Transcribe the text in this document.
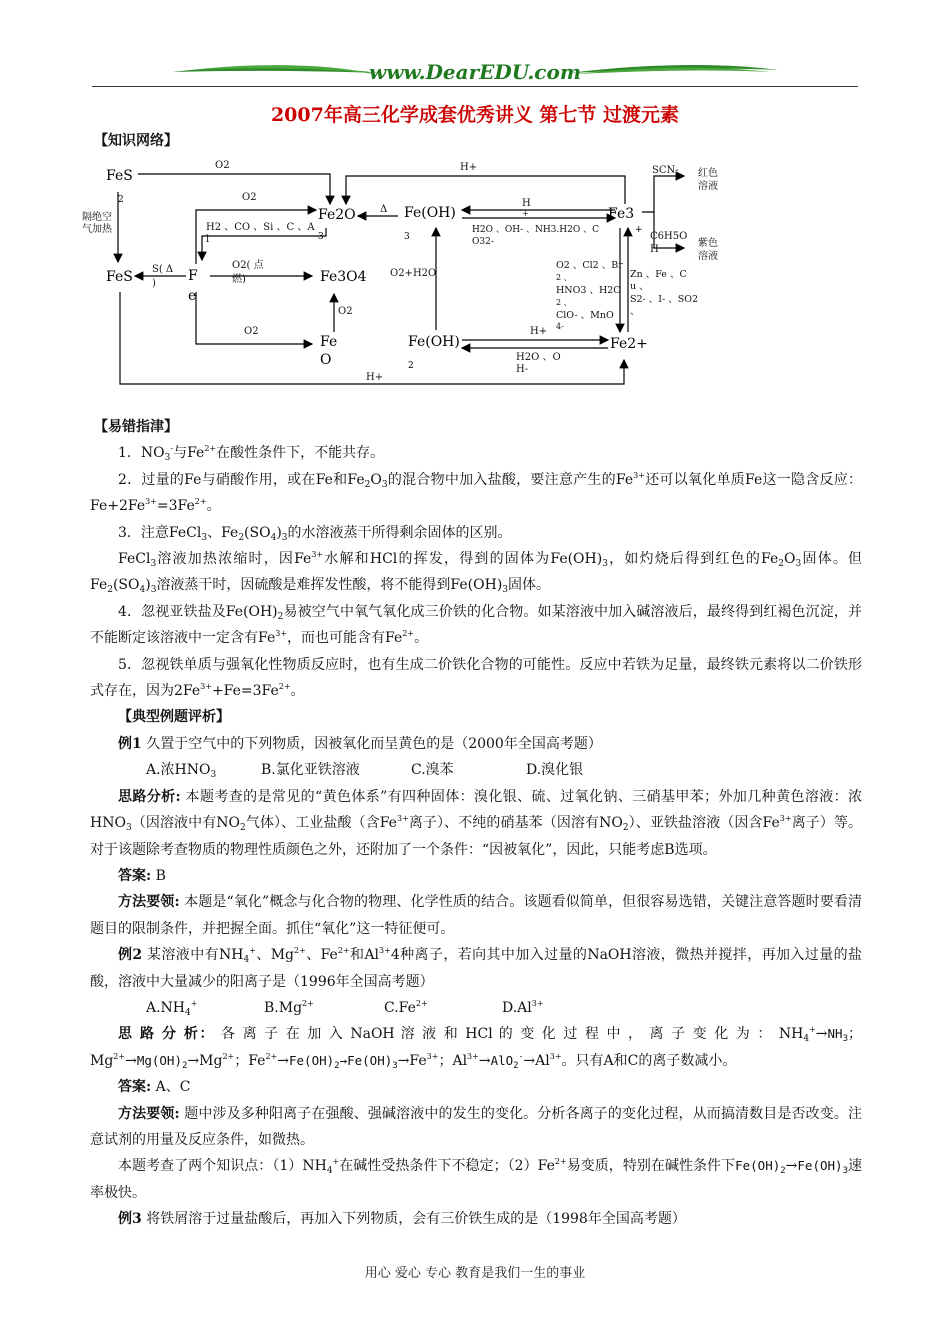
www.DearEDU.com
2007年高三化学成套优秀讲义 第七节 过渡元素
【知识网络】
FeS
2
FeS	F
e
Fe2O
3
Fe(OH)
3
Fe3O4
Fe
O
Fe(OH)
2
Fe3
+
Fe2+
O2	H+
O2
Δ
H
+
隔绝空
气加热	H2 、CO 、Si 、C 、A
l
S( Δ
)
O2( 点
燃)
O2+H2O
H2O 、OH- 、NH3.H2O 、C
O32-
SCN- 红色
溶液
C6H5O
H
紫色
溶液
O2 、Cl2 、Br
2 、
HNO3 、H2O
2 、
ClO- 、MnO
4-
Zn 、Fe 、C
u 、
S2- 、I- 、SO2
、
O2
O2	H+
H2O 、O
H-
H+

【易错指津】

1．$NO_3^-$与$Fe^{2+}$在酸性条件下，不能共存。

2．过量的Fe与硝酸作用，或在Fe和$Fe_2O_3$的混合物中加入盐酸，要注意产生的$Fe^{3+}$还可以氧化单质Fe这一隐含反应：$Fe+2Fe^{3+}=3Fe^{2+}$。

3．注意FeCl$_3$、$Fe_2(SO_4)_3$的水溶液蒸干所得剩余固体的区别。

FeCl$_3$溶液加热浓缩时，因$Fe^{3+}$水解和HCl的挥发，得到的固体为$Fe(OH)_3$，如灼烧后得到红色的$Fe_2O_3$固体。但$Fe_2(SO_4)_3$溶液蒸干时，因硫酸是难挥发性酸，将不能得到$Fe(OH)_3$固体。

4．忽视亚铁盐及$Fe(OH)_2$易被空气中氧气氧化成三价铁的化合物。如某溶液中加入碱溶液后，最终得到红褐色沉淀，并不能断定该溶液中一定含有$Fe^{3+}$，而也可能含有$Fe^{2+}$。

5．忽视铁单质与强氧化性物质反应时，也有生成二价铁化合物的可能性。反应中若铁为足量，最终铁元素将以二价铁形式存在，因为$2Fe^{3+}+Fe=3Fe^{2+}$。

【典型例题评析】

例1 久置于空气中的下列物质，因被氧化而呈黄色的是（2000年全国高考题）

A.浓$HNO_3$	B.氯化亚铁溶液	C.溴苯	D.溴化银

思路分析: 本题考查的是常见的“黄色体系”有四种固体：溴化银、硫、过氧化钠、三硝基甲苯；外加几种黄色溶液：浓$HNO_3$（因溶液中有$NO_2$气体）、工业盐酸（含$Fe^{3+}$离子）、不纯的硝基苯（因溶有$NO_2$）、亚铁盐溶液（因含$Fe^{3+}$离子）等。对于该题除考查物质的物理性质颜色之外，还附加了一个条件：“因被氧化”，因此，只能考虑B选项。

答案: B

方法要领: 本题是“氧化”概念与化合物的物理、化学性质的结合。该题看似简单，但很容易选错，关键注意答题时要看清题目的限制条件，并把握全面。抓住“氧化”这一特征便可。

例2 某溶液中有$NH_4^+$、$Mg^{2+}$、$Fe^{2+}$和$Al^{3+}4$种离子，若向其中加入过量的NaOH溶液，微热并搅拌，再加入过量的盐酸，溶液中大量减少的阳离子是（1996年全国高考题）

$A.NH_4^+$	$B.Mg^{2+}$	$C.Fe^{2+}$	$D.Al^{3+}$

思 路 分 析： 各 离 子 在 加 入 NaOH 溶 液 和 HCl 的 变 化 过 程 中 ， 离 子 变 化 为 ： $NH_4^+\to NH_3$；$Mg^{2+}\to Mg(OH)_2\to Mg^{2+}$；$Fe^{2+}\to Fe(OH)_2\to Fe(OH)_3\to Fe^{3+}$；$Al^{3+}\to AlO_2^-\to Al^{3+}$。只有A和C的离子数减小。

答案: A、C

方法要领: 题中涉及多种阳离子在强酸、强碱溶液中的发生的变化。分析各离子的变化过程，从而搞清数目是否改变。注意试剂的用量及反应条件，如微热。

本题考查了两个知识点：$(1)NH_4^+$在碱性受热条件下不稳定；$(2)Fe^{2+}$易变质，特别在碱性条件下$Fe(OH)_2\to Fe(OH)_3$速率极快。

例3 将铁屑溶于过量盐酸后，再加入下列物质，会有三价铁生成的是（1998年全国高考题）

用心 爱心 专心 教育是我们一生的事业
